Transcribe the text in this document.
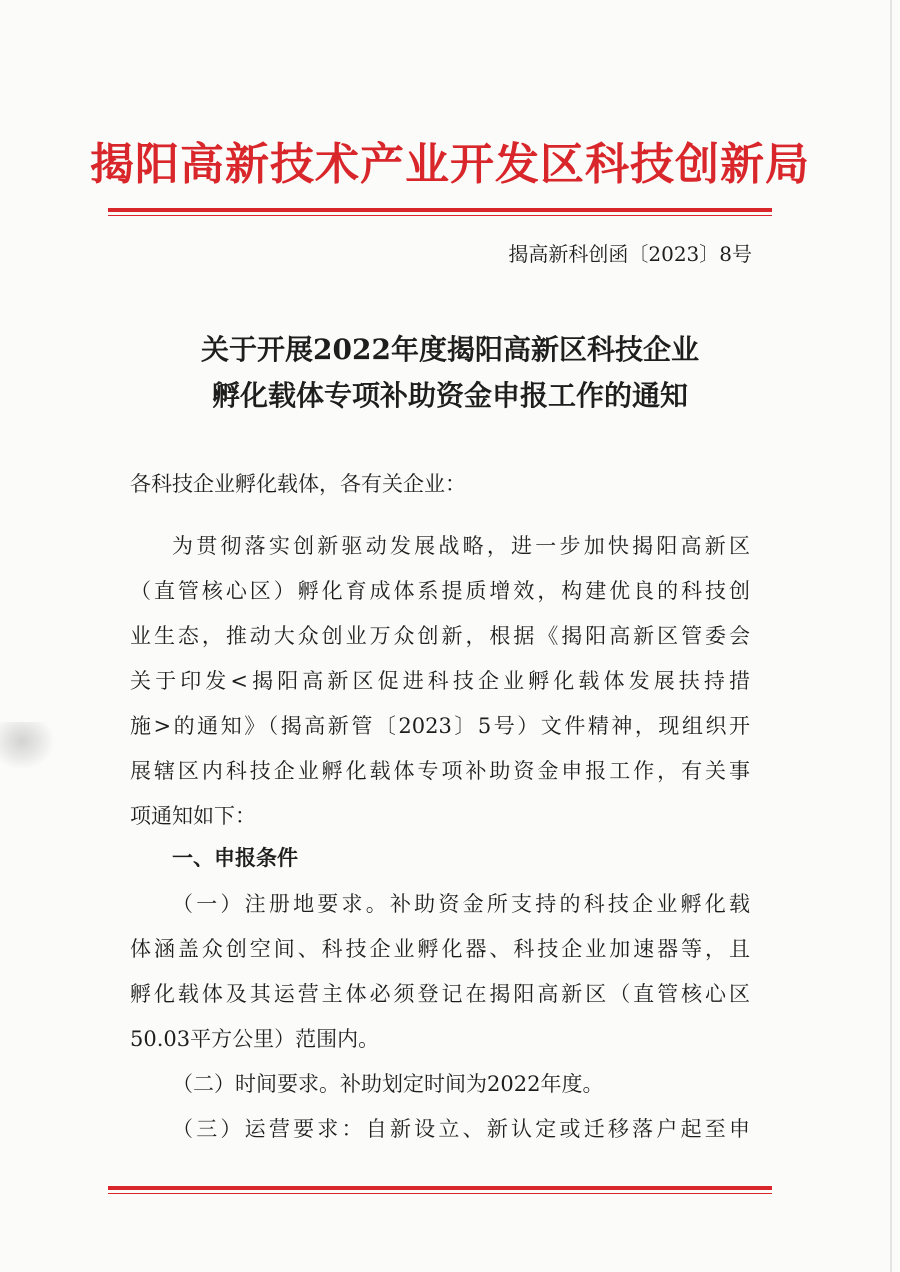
揭阳高新技术产业开发区科技创新局
揭高新科创函〔2023〕8号
关于开展2022年度揭阳高新区科技企业
孵化载体专项补助资金申报工作的通知
各科技企业孵化载体，各有关企业：
为贯彻落实创新驱动发展战略，进一步加快揭阳高新区
（直管核心区）孵化育成体系提质增效，构建优良的科技创
业生态，推动大众创业万众创新，根据《揭阳高新区管委会
关于印发<揭阳高新区促进科技企业孵化载体发展扶持措
施>的通知》（揭高新管〔2023〕5号）文件精神，现组织开
展辖区内科技企业孵化载体专项补助资金申报工作，有关事
项通知如下：
一、申报条件
（一）注册地要求。补助资金所支持的科技企业孵化载
体涵盖众创空间、科技企业孵化器、科技企业加速器等，且
孵化载体及其运营主体必须登记在揭阳高新区（直管核心区
50.03平方公里）范围内。
（二）时间要求。补助划定时间为2022年度。
（三）运营要求：自新设立、新认定或迁移落户起至申
